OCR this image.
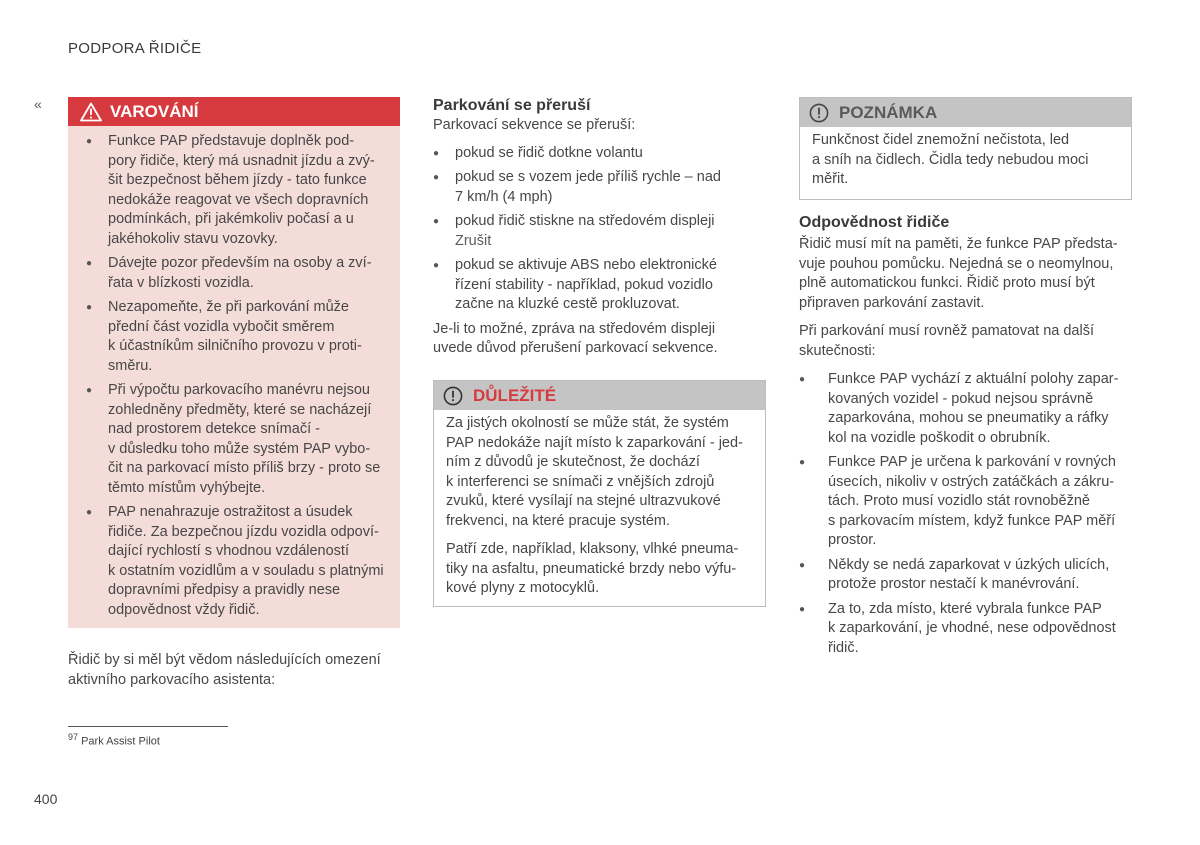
PODPORA ŘIDIČE
«	VAROVÁNÍ
● Funkce PAP představuje doplněk pod-
pory řidiče, který má usnadnit jízdu a zvý-
šit bezpečnost během jízdy - tato funkce
nedokáže reagovat ve všech dopravních
podmínkách, při jakémkoliv počasí a u
jakéhokoliv stavu vozovky.
● Dávejte pozor především na osoby a zví-
řata v blízkosti vozidla.
● Nezapomeňte, že při parkování může
přední část vozidla vybočit směrem
k účastníkům silničního provozu v proti-
směru.
● Při výpočtu parkovacího manévru nejsou
zohledněny předměty, které se nacházejí
nad prostorem detekce snímačí -
v důsledku toho může systém PAP vybo-
čit na parkovací místo příliš brzy - proto se
těmto místům vyhýbejte.
● PAP nenahrazuje ostražitost a úsudek
řidiče. Za bezpečnou jízdu vozidla odpoví-
dající rychlostí s vhodnou vzdáleností
k ostatním vozidlům a v souladu s platnými
dopravními předpisy a pravidly nese
odpovědnost vždy řidič.
Řidič by si měl být vědom následujících omezení
aktivního parkovacího asistenta:
$^{97}$ Park Assist Pilot
400
Parkování se přeruší
Parkovací sekvence se přeruší:
● pokud se řidič dotkne volantu
● pokud se s vozem jede příliš rychle – nad
7 km/h (4 mph)
● pokud řidič stiskne na středovém displeji
Zrušit
● pokud se aktivuje ABS nebo elektronické
řízení stability - například, pokud vozidlo
začne na kluzké cestě prokluzovat.
Je-li to možné, zpráva na středovém displeji
uvede důvod přerušení parkovací sekvence.
DŮLEŽITÉ
Za jistých okolností se může stát, že systém
PAP nedokáže najít místo k zaparkování - jed-
ním z důvodů je skutečnost, že dochází
k interferenci se snímači z vnějších zdrojů
zvuků, které vysílají na stejné ultrazvukové
frekvenci, na které pracuje systém.
Patří zde, například, klaksony, vlhké pneuma-
tiky na asfaltu, pneumatické brzdy nebo výfu-
kové plyny z motocyklů.
POZNÁMKA
Funkčnost čidel znemožní nečistota, led
a sníh na čidlech. Čidla tedy nebudou moci
měřit.
Odpovědnost řidiče
Řidič musí mít na paměti, že funkce PAP předsta-
vuje pouhou pomůcku. Nejedná se o neomylnou,
plně automatickou funkci. Řidič proto musí být
připraven parkování zastavit.
Při parkování musí rovněž pamatovat na další
skutečnosti:
● Funkce PAP vychází z aktuální polohy zapar-
kovaných vozidel - pokud nejsou správně
zaparkována, mohou se pneumatiky a ráfky
kol na vozidle poškodit o obrubník.
● Funkce PAP je určena k parkování v rovných
úsecích, nikoliv v ostrých zatáčkách a zákru-
tách. Proto musí vozidlo stát rovnoběžně
s parkovacím místem, když funkce PAP měří
prostor.
● Někdy se nedá zaparkovat v úzkých ulicích,
protože prostor nestačí k manévrování.
● Za to, zda místo, které vybrala funkce PAP
k zaparkování, je vhodné, nese odpovědnost
řidič.
